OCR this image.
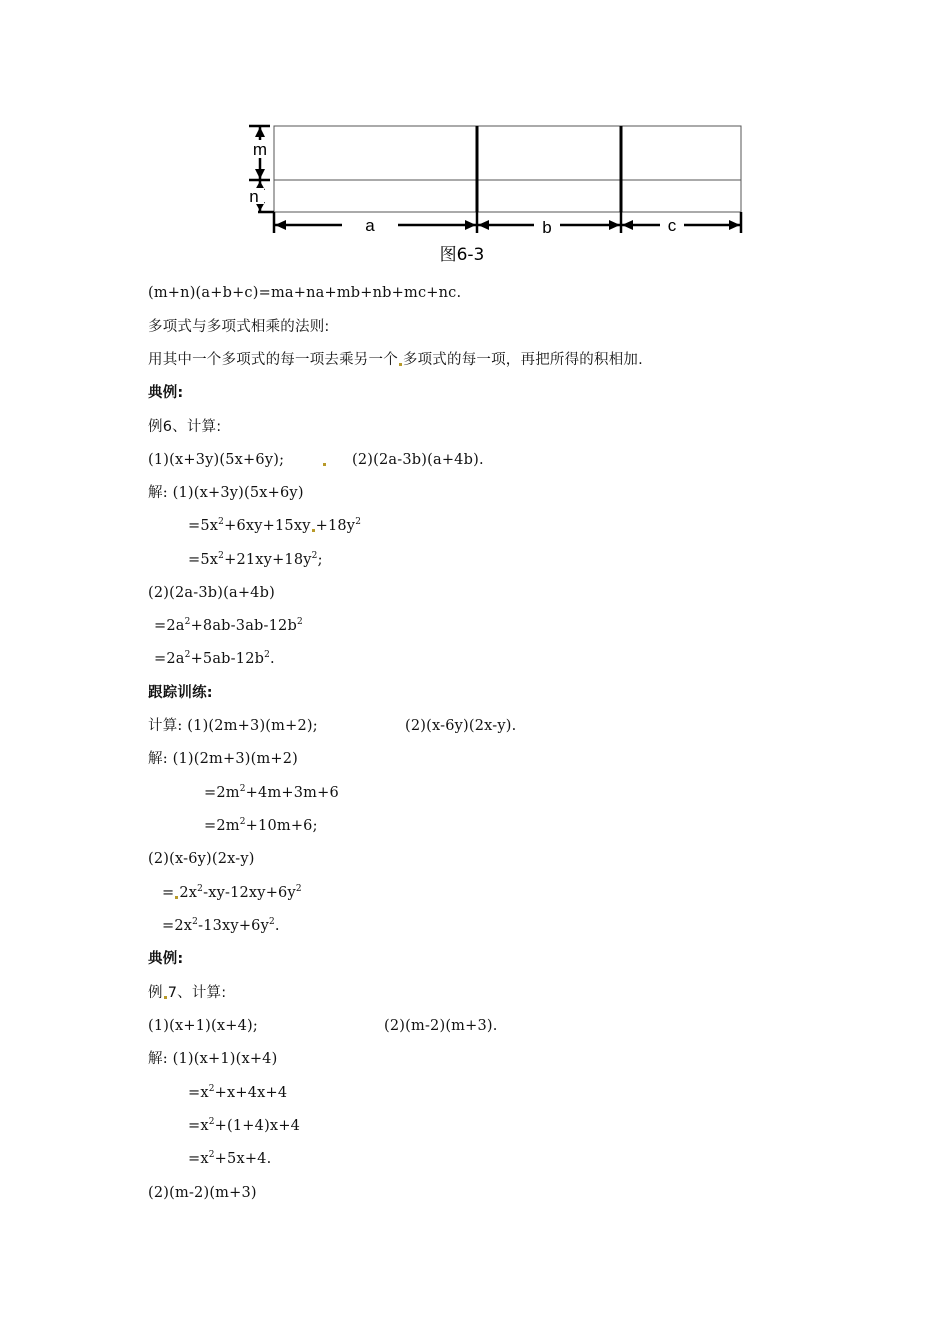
m
n
a	b	c
图6-3
(m+n)(a+b+c)=ma+na+mb+nb+mc+nc.
多项式与多项式相乘的法则:
用其中一个多项式的每一项去乘另一个 多项式的每一项，再把所得的积相加.
典例:
例6、计算:
(1)(x+3y)(5x+6y);	(2)(2a-3b)(a+4b).
解: (1)(x+3y)(5x+6y)
$=5x^2+6xy+15xy +18y^2$
$=5x^2+21xy+18y^2$;
(2)(2a-3b)(a+4b)
$=2a^2+8ab-3ab-12b^2$
$=2a^2+5ab-12b^2$.
跟踪训练:
计算: (1)(2m+3)(m+2);	(2)(x-6y)(2x-y).
解: (1)(2m+3)(m+2)
$=2m^2+4m+3m+6$
$=2m^2+10m+6$;
(2)(x-6y)(2x-y)
= $2x^2-xy-12xy+6y^2$
$=2x^2-13xy+6y^2$.
典例:
例 7、计算:
(1)(x+1)(x+4);	(2)(m-2)(m+3).
解: (1)(x+1)(x+4)
$=x^2+x+4x+4$
$=x^2+(1+4)x+4$
$=x^2+5x+4$.
(2)(m-2)(m+3)
